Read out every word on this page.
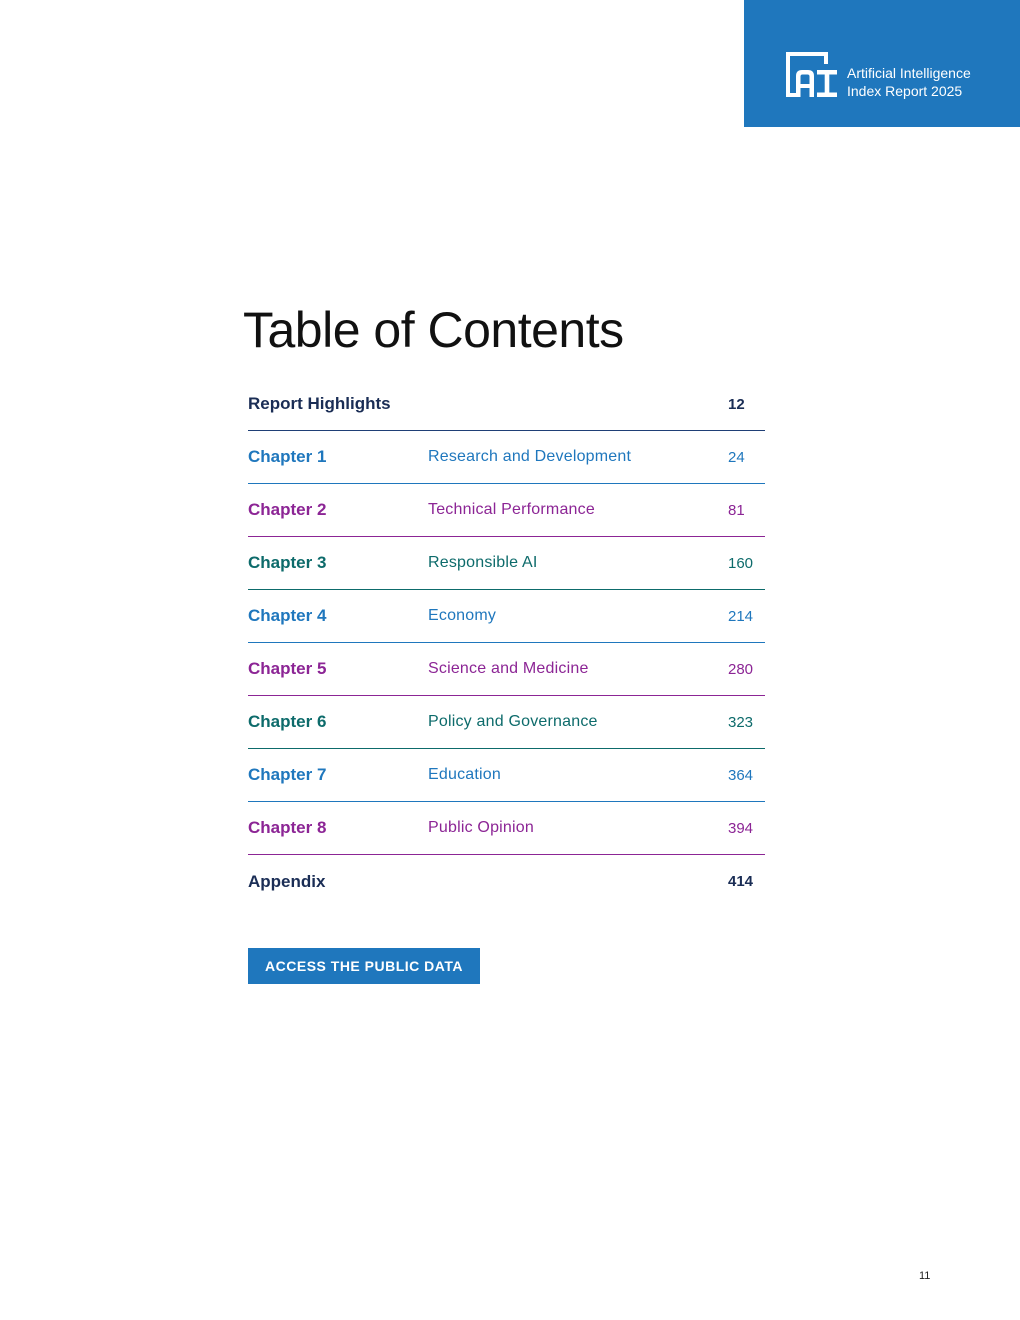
Artificial Intelligence
Index Report 2025
Table of Contents
Report Highlights	12
Chapter 1	Research and Development	24
Chapter 2	Technical Performance	81
Chapter 3	Responsible AI	160
Chapter 4	Economy	214
Chapter 5	Science and Medicine	280
Chapter 6	Policy and Governance	323
Chapter 7	Education	364
Chapter 8	Public Opinion	394
Appendix	414
ACCESS THE PUBLIC DATA
11
